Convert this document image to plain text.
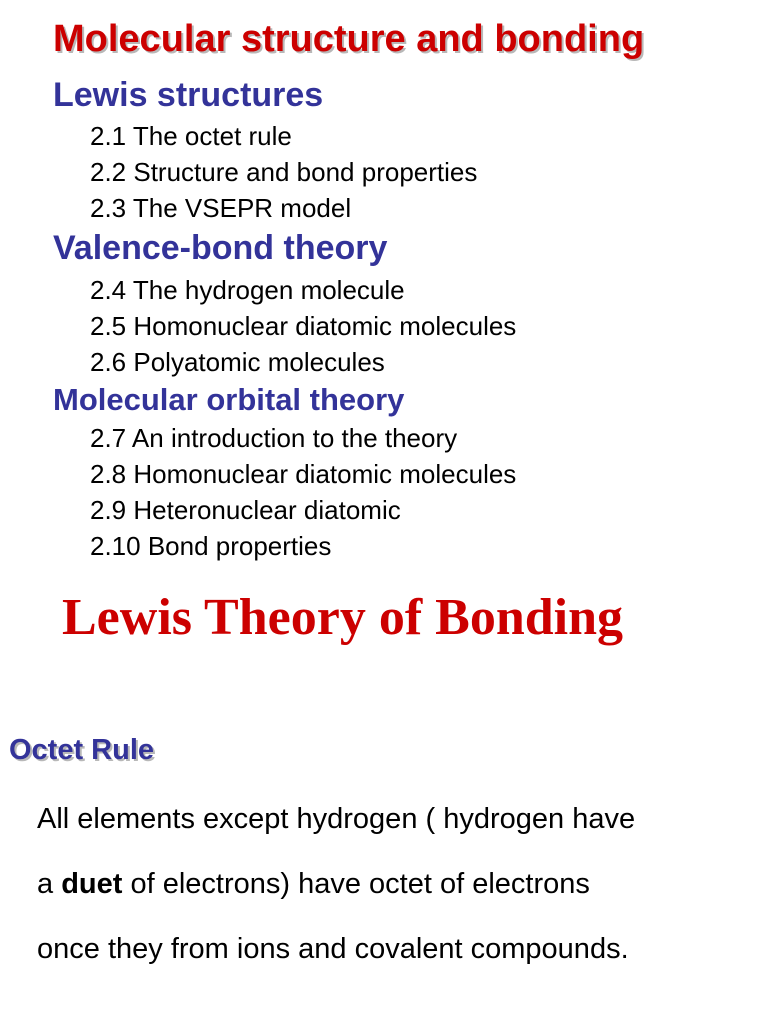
Molecular structure and bonding
Lewis structures
2.1 The octet rule
2.2 Structure and bond properties
2.3 The VSEPR model
Valence-bond theory
2.4 The hydrogen molecule
2.5 Homonuclear diatomic molecules
2.6 Polyatomic molecules
Molecular orbital theory
2.7 An introduction to the theory
2.8 Homonuclear diatomic molecules
2.9 Heteronuclear diatomic
2.10 Bond properties
Lewis Theory of Bonding
Octet Rule

All elements except hydrogen ( hydrogen have
a duet of electrons) have octet of electrons
once they from ions and covalent compounds.
